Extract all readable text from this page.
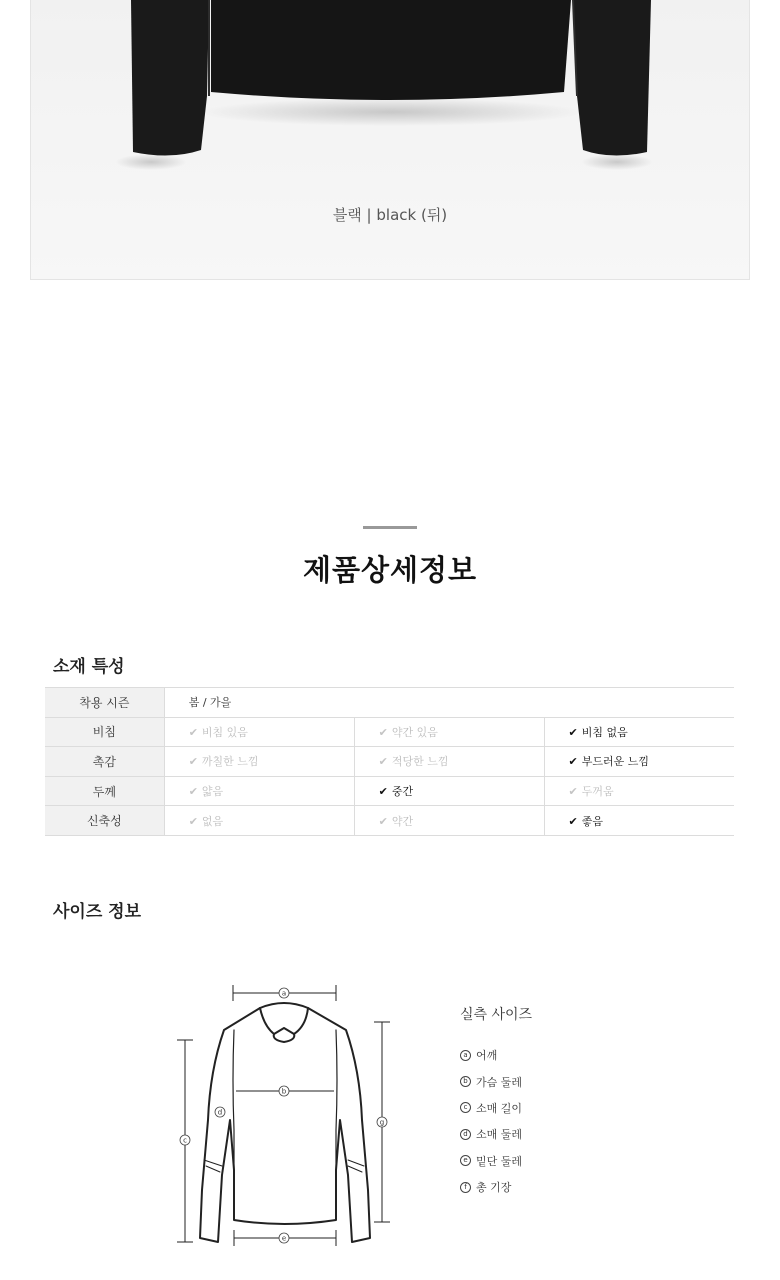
블랙 | black (뒤)
제품상세정보
소재 특성
착용 시즌	봄 / 가을		
비침	✔ 비침 있음	✔ 약간 있음	✔ 비침 없음
촉감	✔ 까칠한 느낌	✔ 적당한 느낌	✔ 부드러운 느낌
두께	✔ 얇음	✔ 중간	✔ 두꺼움
신축성	✔ 없음	✔ 약간	✔ 좋음
사이즈 정보
a
b
c
d
e
g
실측 사이즈
a 어깨
b 가슴 둘레
c 소매 길이
d 소매 둘레
e 밑단 둘레
f 총 기장
